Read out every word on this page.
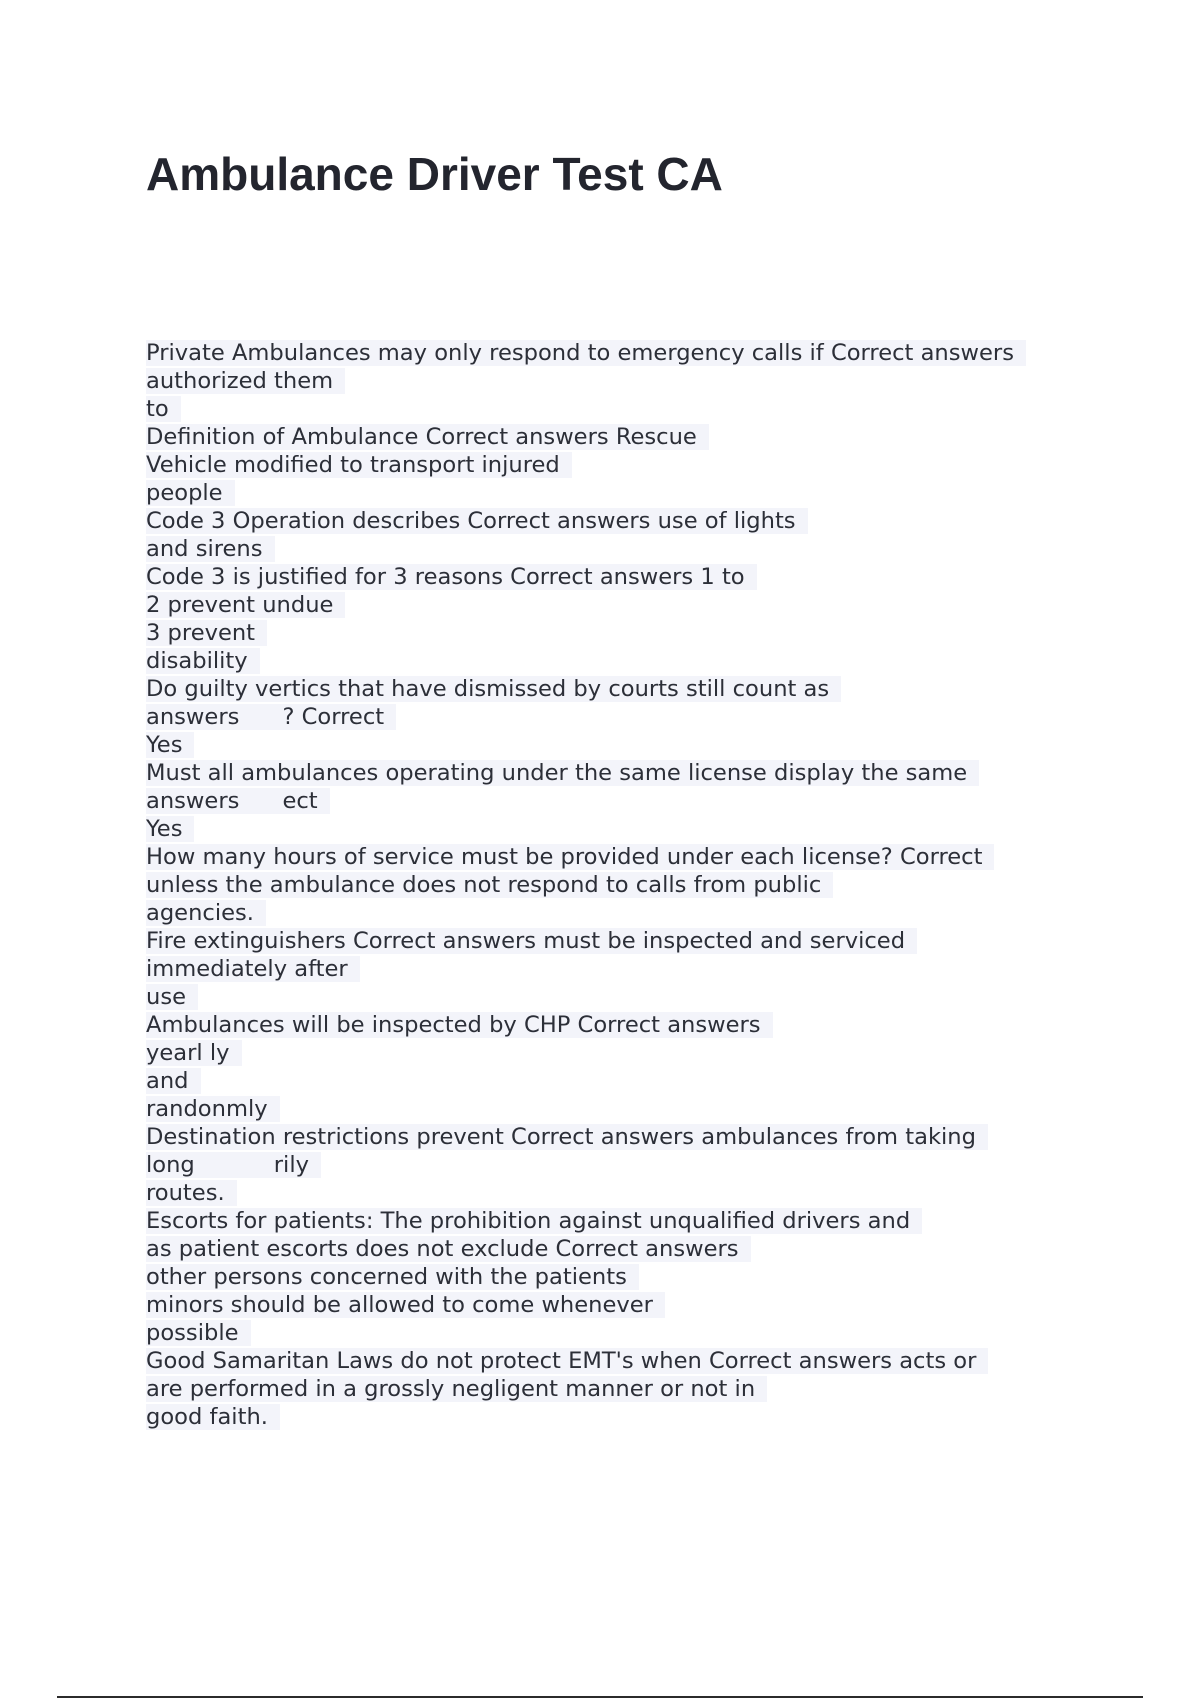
Ambulance Driver Test CA
Private Ambulances may only respond to emergency calls if Correct answers
authorized them
to
Definition of Ambulance Correct answers Rescue
Vehicle modified to transport injured
people
Code 3 Operation describes Correct answers use of lights
and sirens
Code 3 is justified for 3 reasons Correct answers 1 to
2 prevent undue
3 prevent
disability
Do guilty vertics that have dismissed by courts still count as
answers      ? Correct
Yes
Must all ambulances operating under the same license display the same
answers      ect
Yes
How many hours of service must be provided under each license? Correct
unless the ambulance does not respond to calls from public
agencies.
Fire extinguishers Correct answers must be inspected and serviced
immediately after
use
Ambulances will be inspected by CHP Correct answers
yearl ly
and
randonmly
Destination restrictions prevent Correct answers ambulances from taking
long           rily
routes.
Escorts for patients: The prohibition against unqualified drivers and
as patient escorts does not exclude Correct answers
other persons concerned with the patients
minors should be allowed to come whenever
possible
Good Samaritan Laws do not protect EMT's when Correct answers acts or
are performed in a grossly negligent manner or not in
good faith.
